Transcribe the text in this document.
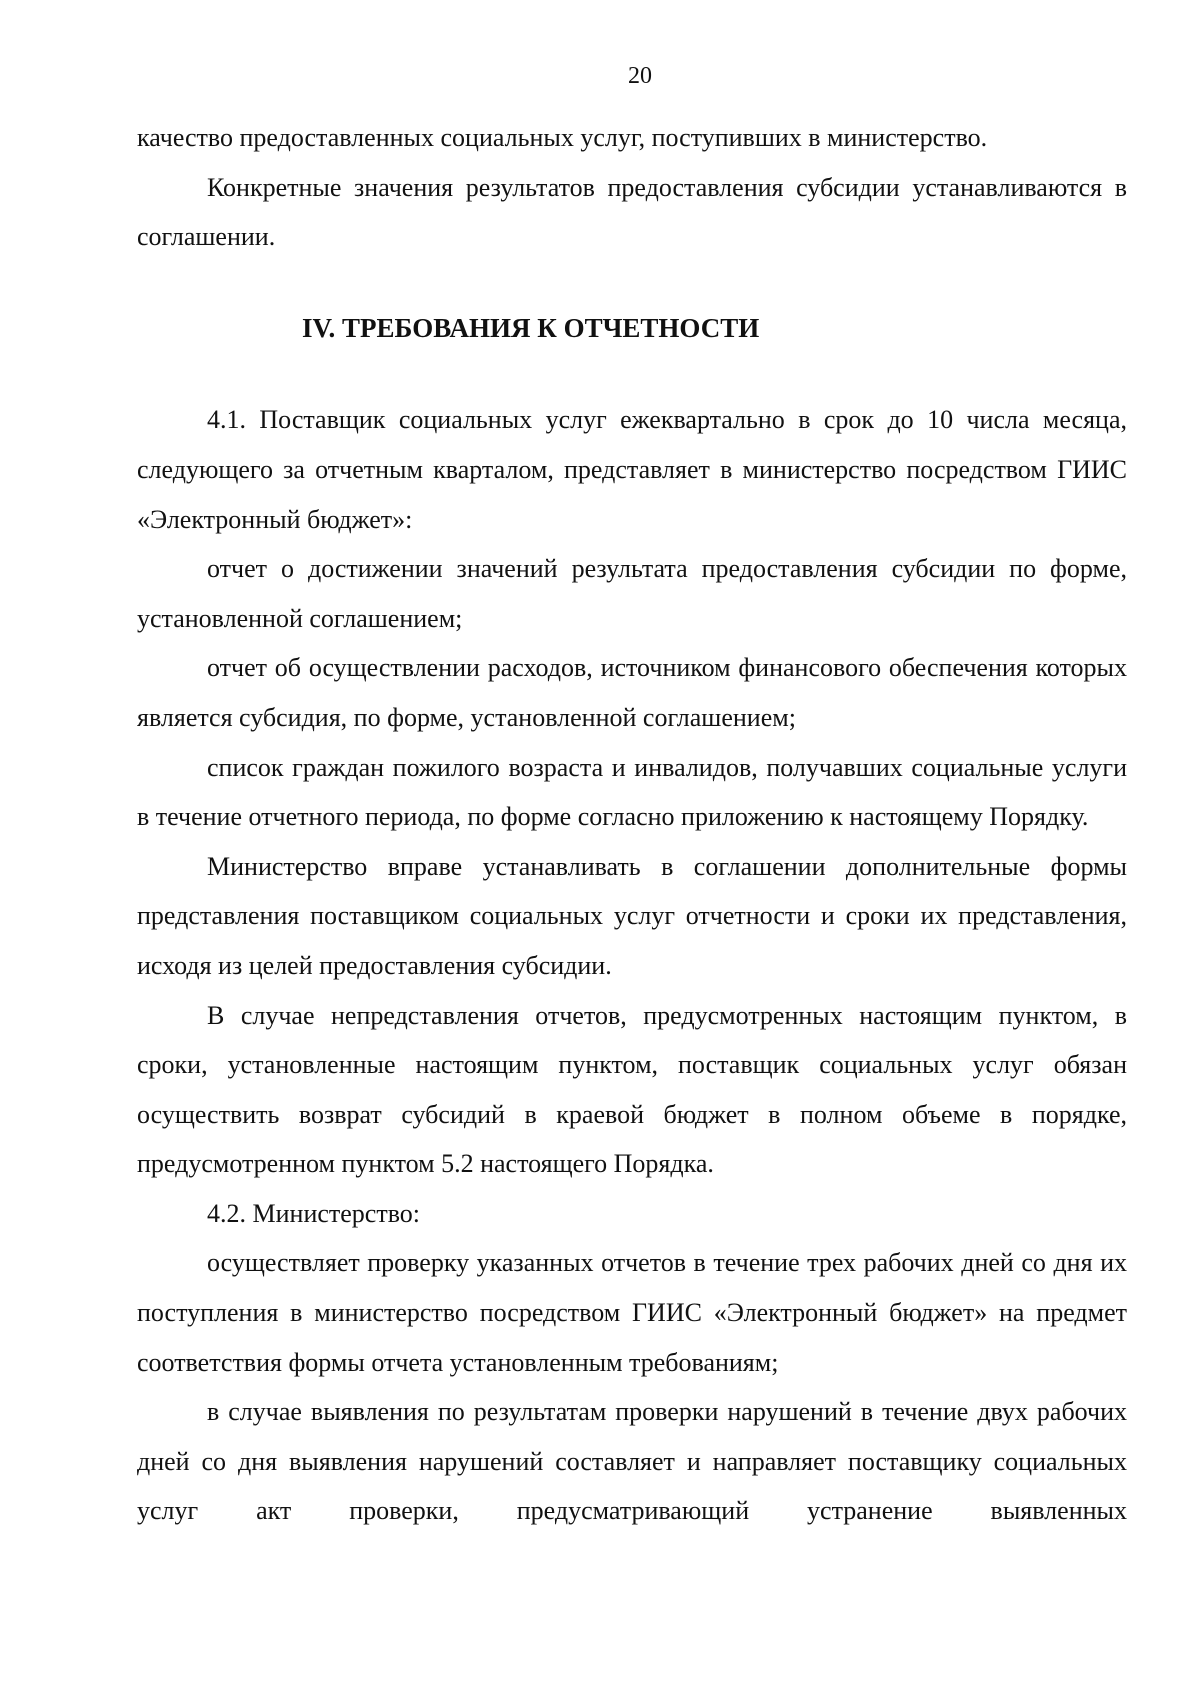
20

качество предоставленных социальных услуг, поступивших в министерство.

Конкретные значения результатов предоставления субсидии устанавливаются в соглашении.

IV. ТРЕБОВАНИЯ К ОТЧЕТНОСТИ

4.1. Поставщик социальных услуг ежеквартально в срок до 10 числа месяца, следующего за отчетным кварталом, представляет в министерство посредством ГИИС «Электронный бюджет»:

отчет о достижении значений результата предоставления субсидии по форме, установленной соглашением;

отчет об осуществлении расходов, источником финансового обеспечения которых является субсидия, по форме, установленной соглашением;

список граждан пожилого возраста и инвалидов, получавших социальные услуги в течение отчетного периода, по форме согласно приложению к настоящему Порядку.

Министерство вправе устанавливать в соглашении дополнительные формы представления поставщиком социальных услуг отчетности и сроки их представления, исходя из целей предоставления субсидии.

В случае непредставления отчетов, предусмотренных настоящим пунктом, в сроки, установленные настоящим пунктом, поставщик социальных услуг обязан осуществить возврат субсидий в краевой бюджет в полном объеме в порядке, предусмотренном пунктом 5.2 настоящего Порядка.

4.2. Министерство:

осуществляет проверку указанных отчетов в течение трех рабочих дней со дня их поступления в министерство посредством ГИИС «Электронный бюджет» на предмет соответствия формы отчета установленным требованиям;

в случае выявления по результатам проверки нарушений в течение двух рабочих дней со дня выявления нарушений составляет и направляет поставщику социальных услуг акт проверки, предусматривающий устранение выявленных
